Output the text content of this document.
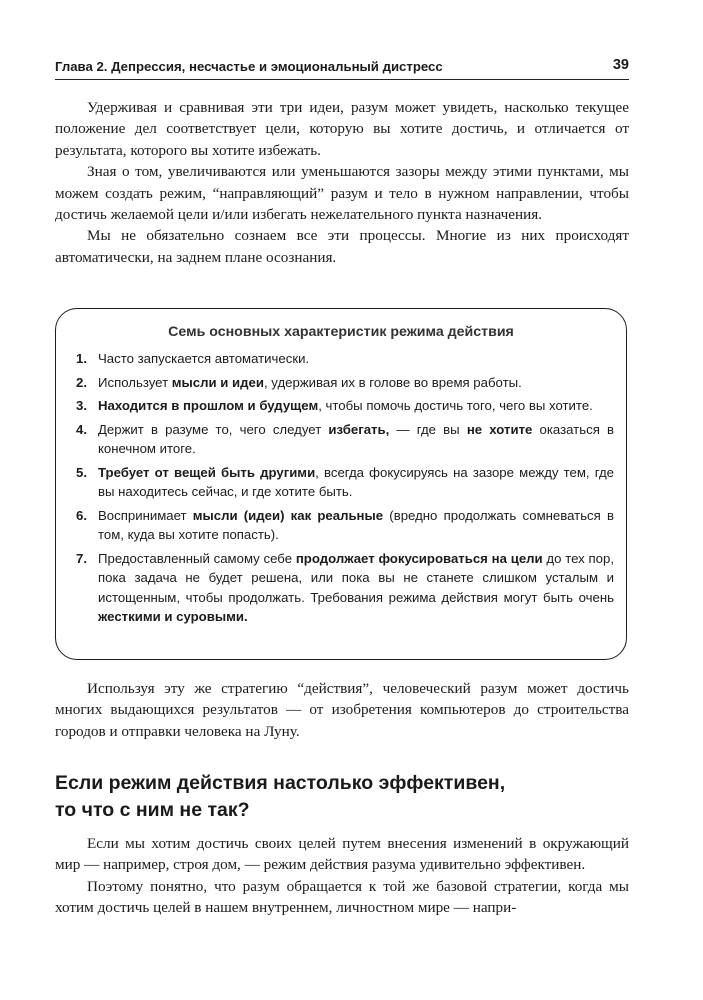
Глава 2. Депрессия, несчастье и эмоциональный дистресс	39

Удерживая и сравнивая эти три идеи, разум может увидеть, насколько текущее положение дел соответствует цели, которую вы хотите достичь, и отличается от результата, которого вы хотите избежать.

Зная о том, увеличиваются или уменьшаются зазоры между этими пунктами, мы можем создать режим, “направляющий” разум и тело в нужном направлении, чтобы достичь желаемой цели и/или избегать нежелательного пункта назначения.

Мы не обязательно сознаем все эти процессы. Многие из них происходят автоматически, на заднем плане осознания.

Семь основных характеристик режима действия
1. Часто запускается автоматически.
2. Использует мысли и идеи, удерживая их в голове во время работы.
3. Находится в прошлом и будущем, чтобы помочь достичь того, чего вы хотите.
4. Держит в разуме то, чего следует избегать, — где вы не хотите оказаться в конечном итоге.
5. Требует от вещей быть другими, всегда фокусируясь на зазоре между тем, где вы находитесь сейчас, и где хотите быть.
6. Воспринимает мысли (идеи) как реальные (вредно продолжать сомневаться в том, куда вы хотите попасть).
7. Предоставленный самому себе продолжает фокусироваться на цели до тех пор, пока задача не будет решена, или пока вы не станете слишком усталым и истощенным, чтобы продолжать. Требования режима действия могут быть очень жесткими и суровыми.

Используя эту же стратегию “действия”, человеческий разум может достичь многих выдающихся результатов — от изобретения компьютеров до строительства городов и отправки человека на Луну.

Если режим действия настолько эффективен,
то что с ним не так?

Если мы хотим достичь своих целей путем внесения изменений в окружающий мир — например, строя дом, — режим действия разума удивительно эффективен.

Поэтому понятно, что разум обращается к той же базовой стратегии, когда мы хотим достичь целей в нашем внутреннем, личностном мире — напри-
